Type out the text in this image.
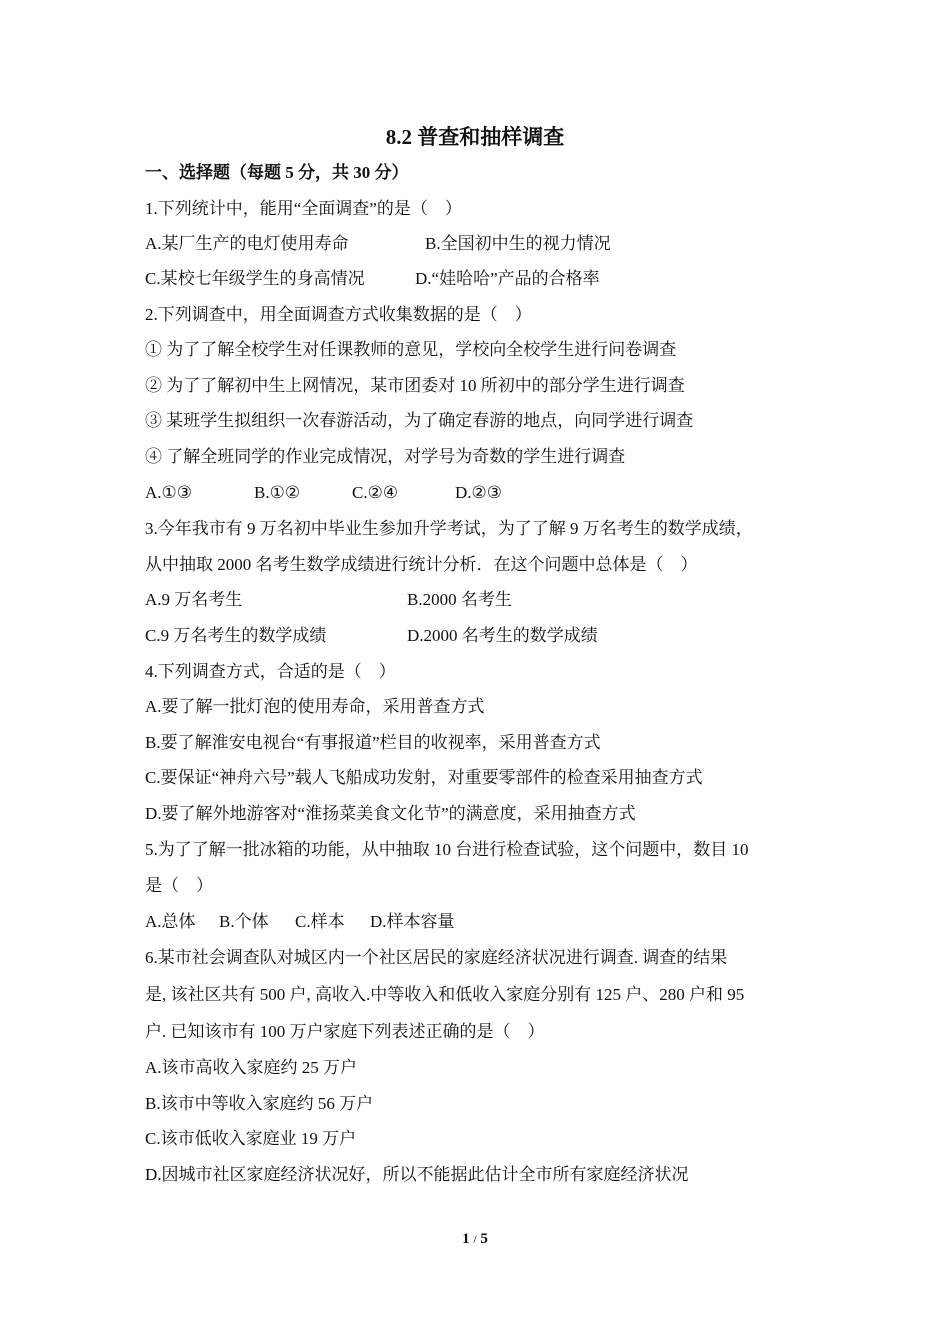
8.2 普查和抽样调查
一、选择题（每题 5 分，共 30 分）
1.下列统计中，能用“全面调查”的是（　）
A.某厂生产的电灯使用寿命	B.全国初中生的视力情况
C.某校七年级学生的身高情况	D.“娃哈哈”产品的合格率
2.下列调查中，用全面调查方式收集数据的是（　）
① 为了了解全校学生对任课教师的意见，学校向全校学生进行问卷调查
② 为了了解初中生上网情况，某市团委对 10 所初中的部分学生进行调查
③ 某班学生拟组织一次春游活动，为了确定春游的地点，向同学进行调查
④ 了解全班同学的作业完成情况，对学号为奇数的学生进行调查
A.①③	B.①②	C.②④	D.②③
3.今年我市有 9 万名初中毕业生参加升学考试，为了了解 9 万名考生的数学成绩，
从中抽取 2000 名考生数学成绩进行统计分析．在这个问题中总体是（　）
A.9 万名考生	B.2000 名考生
C.9 万名考生的数学成绩	D.2000 名考生的数学成绩
4.下列调查方式，合适的是（　）
A.要了解一批灯泡的使用寿命，采用普查方式
B.要了解淮安电视台“有事报道”栏目的收视率，采用普查方式
C.要保证“神舟六号”载人飞船成功发射，对重要零部件的检查采用抽查方式
D.要了解外地游客对“淮扬菜美食文化节”的满意度，采用抽查方式
5.为了了解一批冰箱的功能，从中抽取 10 台进行检查试验，这个问题中，数目 10
是（　）
A.总体 B.个体 C.样本 D.样本容量
6.某市社会调查队对城区内一个社区居民的家庭经济状况进行调查. 调查的结果
是, 该社区共有 500 户, 高收入.中等收入和低收入家庭分别有 125 户、280 户和 95
户. 已知该市有 100 万户家庭下列表述正确的是（　）
A.该市高收入家庭约 25 万户
B.该市中等收入家庭约 56 万户
C.该市低收入家庭业 19 万户
D.因城市社区家庭经济状况好，所以不能据此估计全市所有家庭经济状况
1 / 5
